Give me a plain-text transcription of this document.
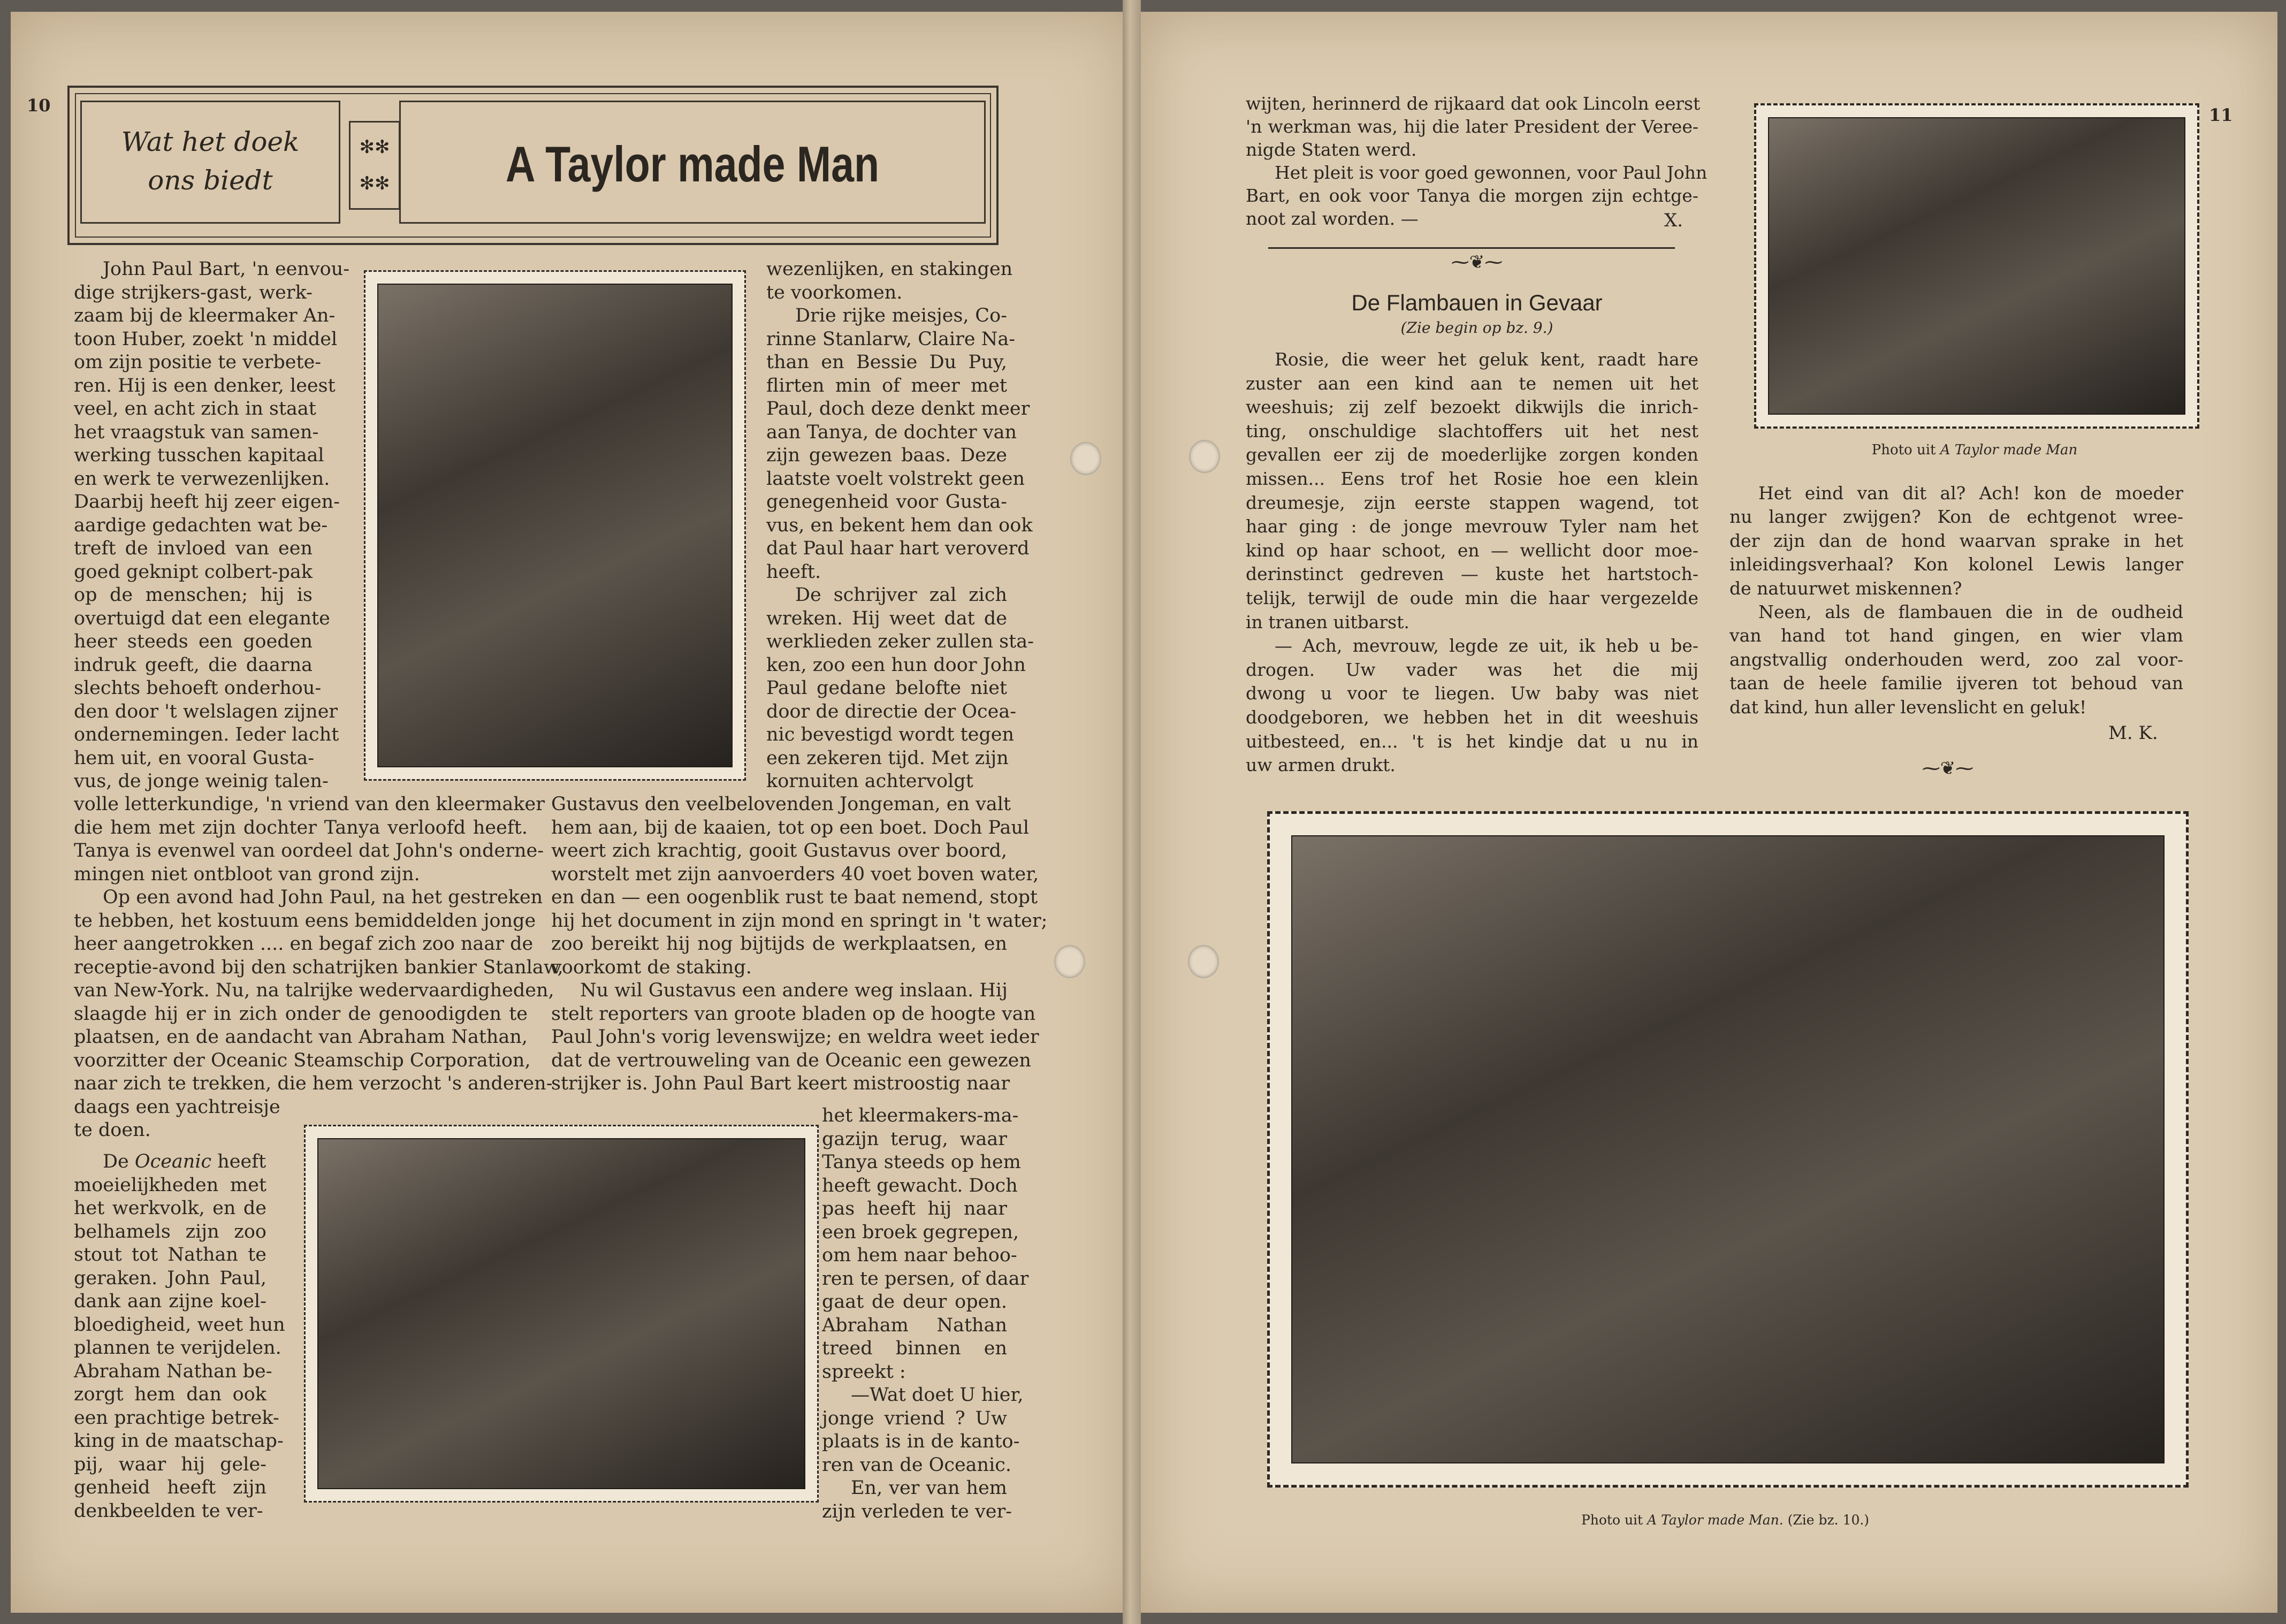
10
Wat het doek
ons biedt
✻✻
✻✻	A Taylor made Man
John Paul Bart, 'n eenvou-
dige strijkers-gast, werk-
zaam bij de kleermaker An-
toon Huber, zoekt 'n middel
om zijn positie te verbete-
ren. Hij is een denker, leest
veel, en acht zich in staat
het vraagstuk van samen-
werking tusschen kapitaal
en werk te verwezenlijken.
Daarbij heeft hij zeer eigen-
aardige gedachten wat be-
treft de invloed van een
goed geknipt colbert-pak
op de menschen; hij is
overtuigd dat een elegante
heer steeds een goeden
indruk geeft, die daarna
slechts behoeft onderhou-
den door 't welslagen zijner
ondernemingen. Ieder lacht
hem uit, en vooral Gusta-
vus, de jonge weinig talen-
wezenlijken, en stakingen
te voorkomen.
Drie rijke meisjes, Co-
rinne Stanlarw, Claire Na-
than en Bessie Du Puy,
flirten min of meer met
Paul, doch deze denkt meer
aan Tanya, de dochter van
zijn gewezen baas. Deze
laatste voelt volstrekt geen
genegenheid voor Gusta-
vus, en bekent hem dan ook
dat Paul haar hart veroverd
heeft.
De schrijver zal zich
wreken. Hij weet dat de
werklieden zeker zullen sta-
ken, zoo een hun door John
Paul gedane belofte niet
door de directie der Ocea-
nic bevestigd wordt tegen
een zekeren tijd. Met zijn
kornuiten achtervolgt
volle letterkundige, 'n vriend van den kleermaker
die hem met zijn dochter Tanya verloofd heeft.
Tanya is evenwel van oordeel dat John's onderne-
mingen niet ontbloot van grond zijn.
Op een avond had John Paul, na het gestreken
te hebben, het kostuum eens bemiddelden jonge
heer aangetrokken .... en begaf zich zoo naar de
receptie-avond bij den schatrijken bankier Stanlaw,
van New-York. Nu, na talrijke wedervaardigheden,
slaagde hij er in zich onder de genoodigden te
plaatsen, en de aandacht van Abraham Nathan,
voorzitter der Oceanic Steamschip Corporation,
naar zich te trekken, die hem verzocht 's anderen-
daags een yachtreisje
te doen.
Gustavus den veelbelovenden Jongeman, en valt
hem aan, bij de kaaien, tot op een boet. Doch Paul
weert zich krachtig, gooit Gustavus over boord,
worstelt met zijn aanvoerders 40 voet boven water,
en dan — een oogenblik rust te baat nemend, stopt
hij het document in zijn mond en springt in 't water;
zoo bereikt hij nog bijtijds de werkplaatsen, en
voorkomt de staking.
Nu wil Gustavus een andere weg inslaan. Hij
stelt reporters van groote bladen op de hoogte van
Paul John's vorig levenswijze; en weldra weet ieder
dat de vertrouweling van de Oceanic een gewezen
strijker is. John Paul Bart keert mistroostig naar
De Oceanic heeft
moeielijkheden met
het werkvolk, en de
belhamels zijn zoo
stout tot Nathan te
geraken. John Paul,
dank aan zijne koel-
bloedigheid, weet hun
plannen te verijdelen.
Abraham Nathan be-
zorgt hem dan ook
een prachtige betrek-
king in de maatschap-
pij, waar hij gele-
genheid heeft zijn
denkbeelden te ver-
het kleermakers-ma-
gazijn terug, waar
Tanya steeds op hem
heeft gewacht. Doch
pas heeft hij naar
een broek gegrepen,
om hem naar behoo-
ren te persen, of daar
gaat de deur open.
Abraham Nathan
treed binnen en
spreekt :
—Wat doet U hier,
jonge vriend ? Uw
plaats is in de kanto-
ren van de Oceanic.
En, ver van hem
zijn verleden te ver-
11
wijten, herinnerd de rijkaard dat ook Lincoln eerst
'n werkman was, hij die later President der Veree-
nigde Staten werd.
Het pleit is voor goed gewonnen, voor Paul John
Bart, en ook voor Tanya die morgen zijn echtge-
noot zal worden. —	X.
⁓❦⁓
De Flambauen in Gevaar
(Zie begin op bz. 9.)
Rosie, die weer het geluk kent, raadt hare
zuster aan een kind aan te nemen uit het
weeshuis; zij zelf bezoekt dikwijls die inrich-
ting, onschuldige slachtoffers uit het nest
gevallen eer zij de moederlijke zorgen konden
missen... Eens trof het Rosie hoe een klein
dreumesje, zijn eerste stappen wagend, tot
haar ging : de jonge mevrouw Tyler nam het
kind op haar schoot, en — wellicht door moe-
derinstinct gedreven — kuste het hartstoch-
telijk, terwijl de oude min die haar vergezelde
in tranen uitbarst.
— Ach, mevrouw, legde ze uit, ik heb u be-
drogen. Uw vader was het die mij
dwong u voor te liegen. Uw baby was niet
doodgeboren, we hebben het in dit weeshuis
uitbesteed, en... 't is het kindje dat u nu in
uw armen drukt.
Photo uit A Taylor made Man
Het eind van dit al? Ach! kon de moeder
nu langer zwijgen? Kon de echtgenot wree-
der zijn dan de hond waarvan sprake in het
inleidingsverhaal? Kon kolonel Lewis langer
de natuurwet miskennen?
Neen, als de flambauen die in de oudheid
van hand tot hand gingen, en wier vlam
angstvallig onderhouden werd, zoo zal voor-
taan de heele familie ijveren tot behoud van
dat kind, hun aller levenslicht en geluk!
M. K.
⁓❦⁓
Photo uit A Taylor made Man. (Zie bz. 10.)
